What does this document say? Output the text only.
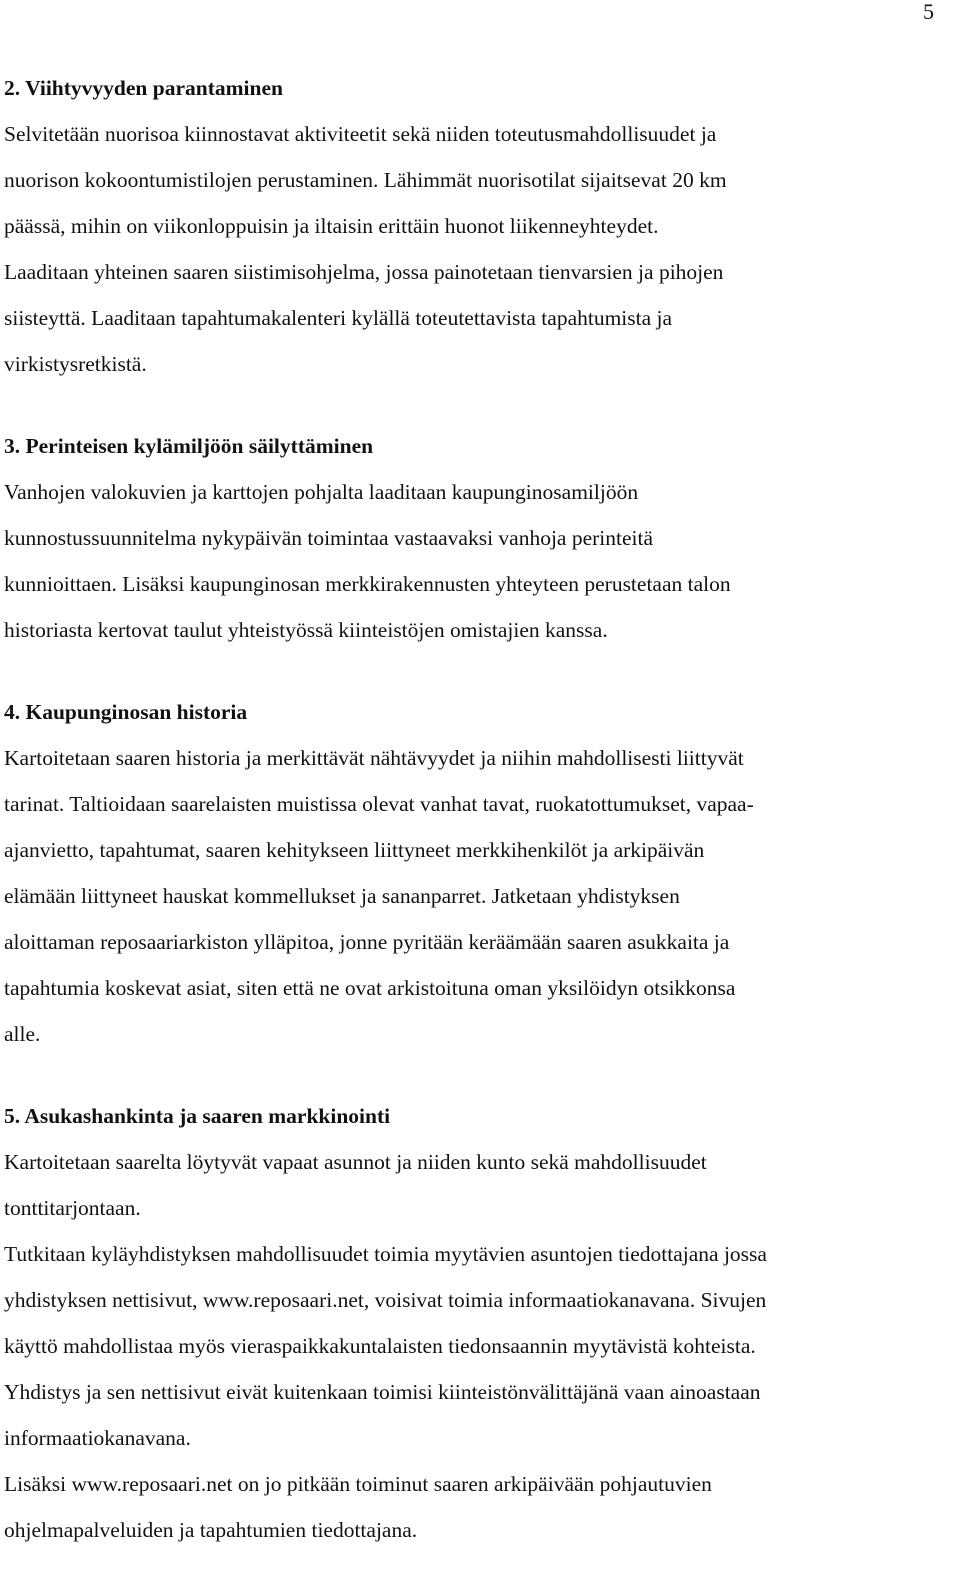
5
2. Viihtyvyyden parantaminen
Selvitetään nuorisoa kiinnostavat aktiviteetit sekä niiden toteutusmahdollisuudet ja
nuorison kokoontumistilojen perustaminen. Lähimmät nuorisotilat sijaitsevat 20 km
päässä, mihin on viikonloppuisin ja iltaisin erittäin huonot liikenneyhteydet.
Laaditaan yhteinen saaren siistimisohjelma, jossa painotetaan tienvarsien ja pihojen
siisteyttä. Laaditaan tapahtumakalenteri kylällä toteutettavista tapahtumista ja
virkistysretkistä.
3. Perinteisen kylämiljöön säilyttäminen
Vanhojen valokuvien ja karttojen pohjalta laaditaan kaupunginosamiljöön
kunnostussuunnitelma nykypäivän toimintaa vastaavaksi vanhoja perinteitä
kunnioittaen. Lisäksi kaupunginosan merkkirakennusten yhteyteen perustetaan talon
historiasta kertovat taulut yhteistyössä kiinteistöjen omistajien kanssa.
4. Kaupunginosan historia
Kartoitetaan saaren historia ja merkittävät nähtävyydet ja niihin mahdollisesti liittyvät
tarinat. Taltioidaan saarelaisten muistissa olevat vanhat tavat, ruokatottumukset, vapaa-
ajanvietto, tapahtumat, saaren kehitykseen liittyneet merkkihenkilöt ja arkipäivän
elämään liittyneet hauskat kommellukset ja sananparret. Jatketaan yhdistyksen
aloittaman reposaariarkiston ylläpitoa, jonne pyritään keräämään saaren asukkaita ja
tapahtumia koskevat asiat, siten että ne ovat arkistoituna oman yksilöidyn otsikkonsa
alle.
5. Asukashankinta ja saaren markkinointi
Kartoitetaan saarelta löytyvät vapaat asunnot ja niiden kunto sekä mahdollisuudet
tonttitarjontaan.
Tutkitaan kyläyhdistyksen mahdollisuudet toimia myytävien asuntojen tiedottajana jossa
yhdistyksen nettisivut, www.reposaari.net, voisivat toimia informaatiokanavana. Sivujen
käyttö mahdollistaa myös vieraspaikkakuntalaisten tiedonsaannin myytävistä kohteista.
Yhdistys ja sen nettisivut eivät kuitenkaan toimisi kiinteistönvälittäjänä vaan ainoastaan
informaatiokanavana.
Lisäksi www.reposaari.net on jo pitkään toiminut saaren arkipäivään pohjautuvien
ohjelmapalveluiden ja tapahtumien tiedottajana.
